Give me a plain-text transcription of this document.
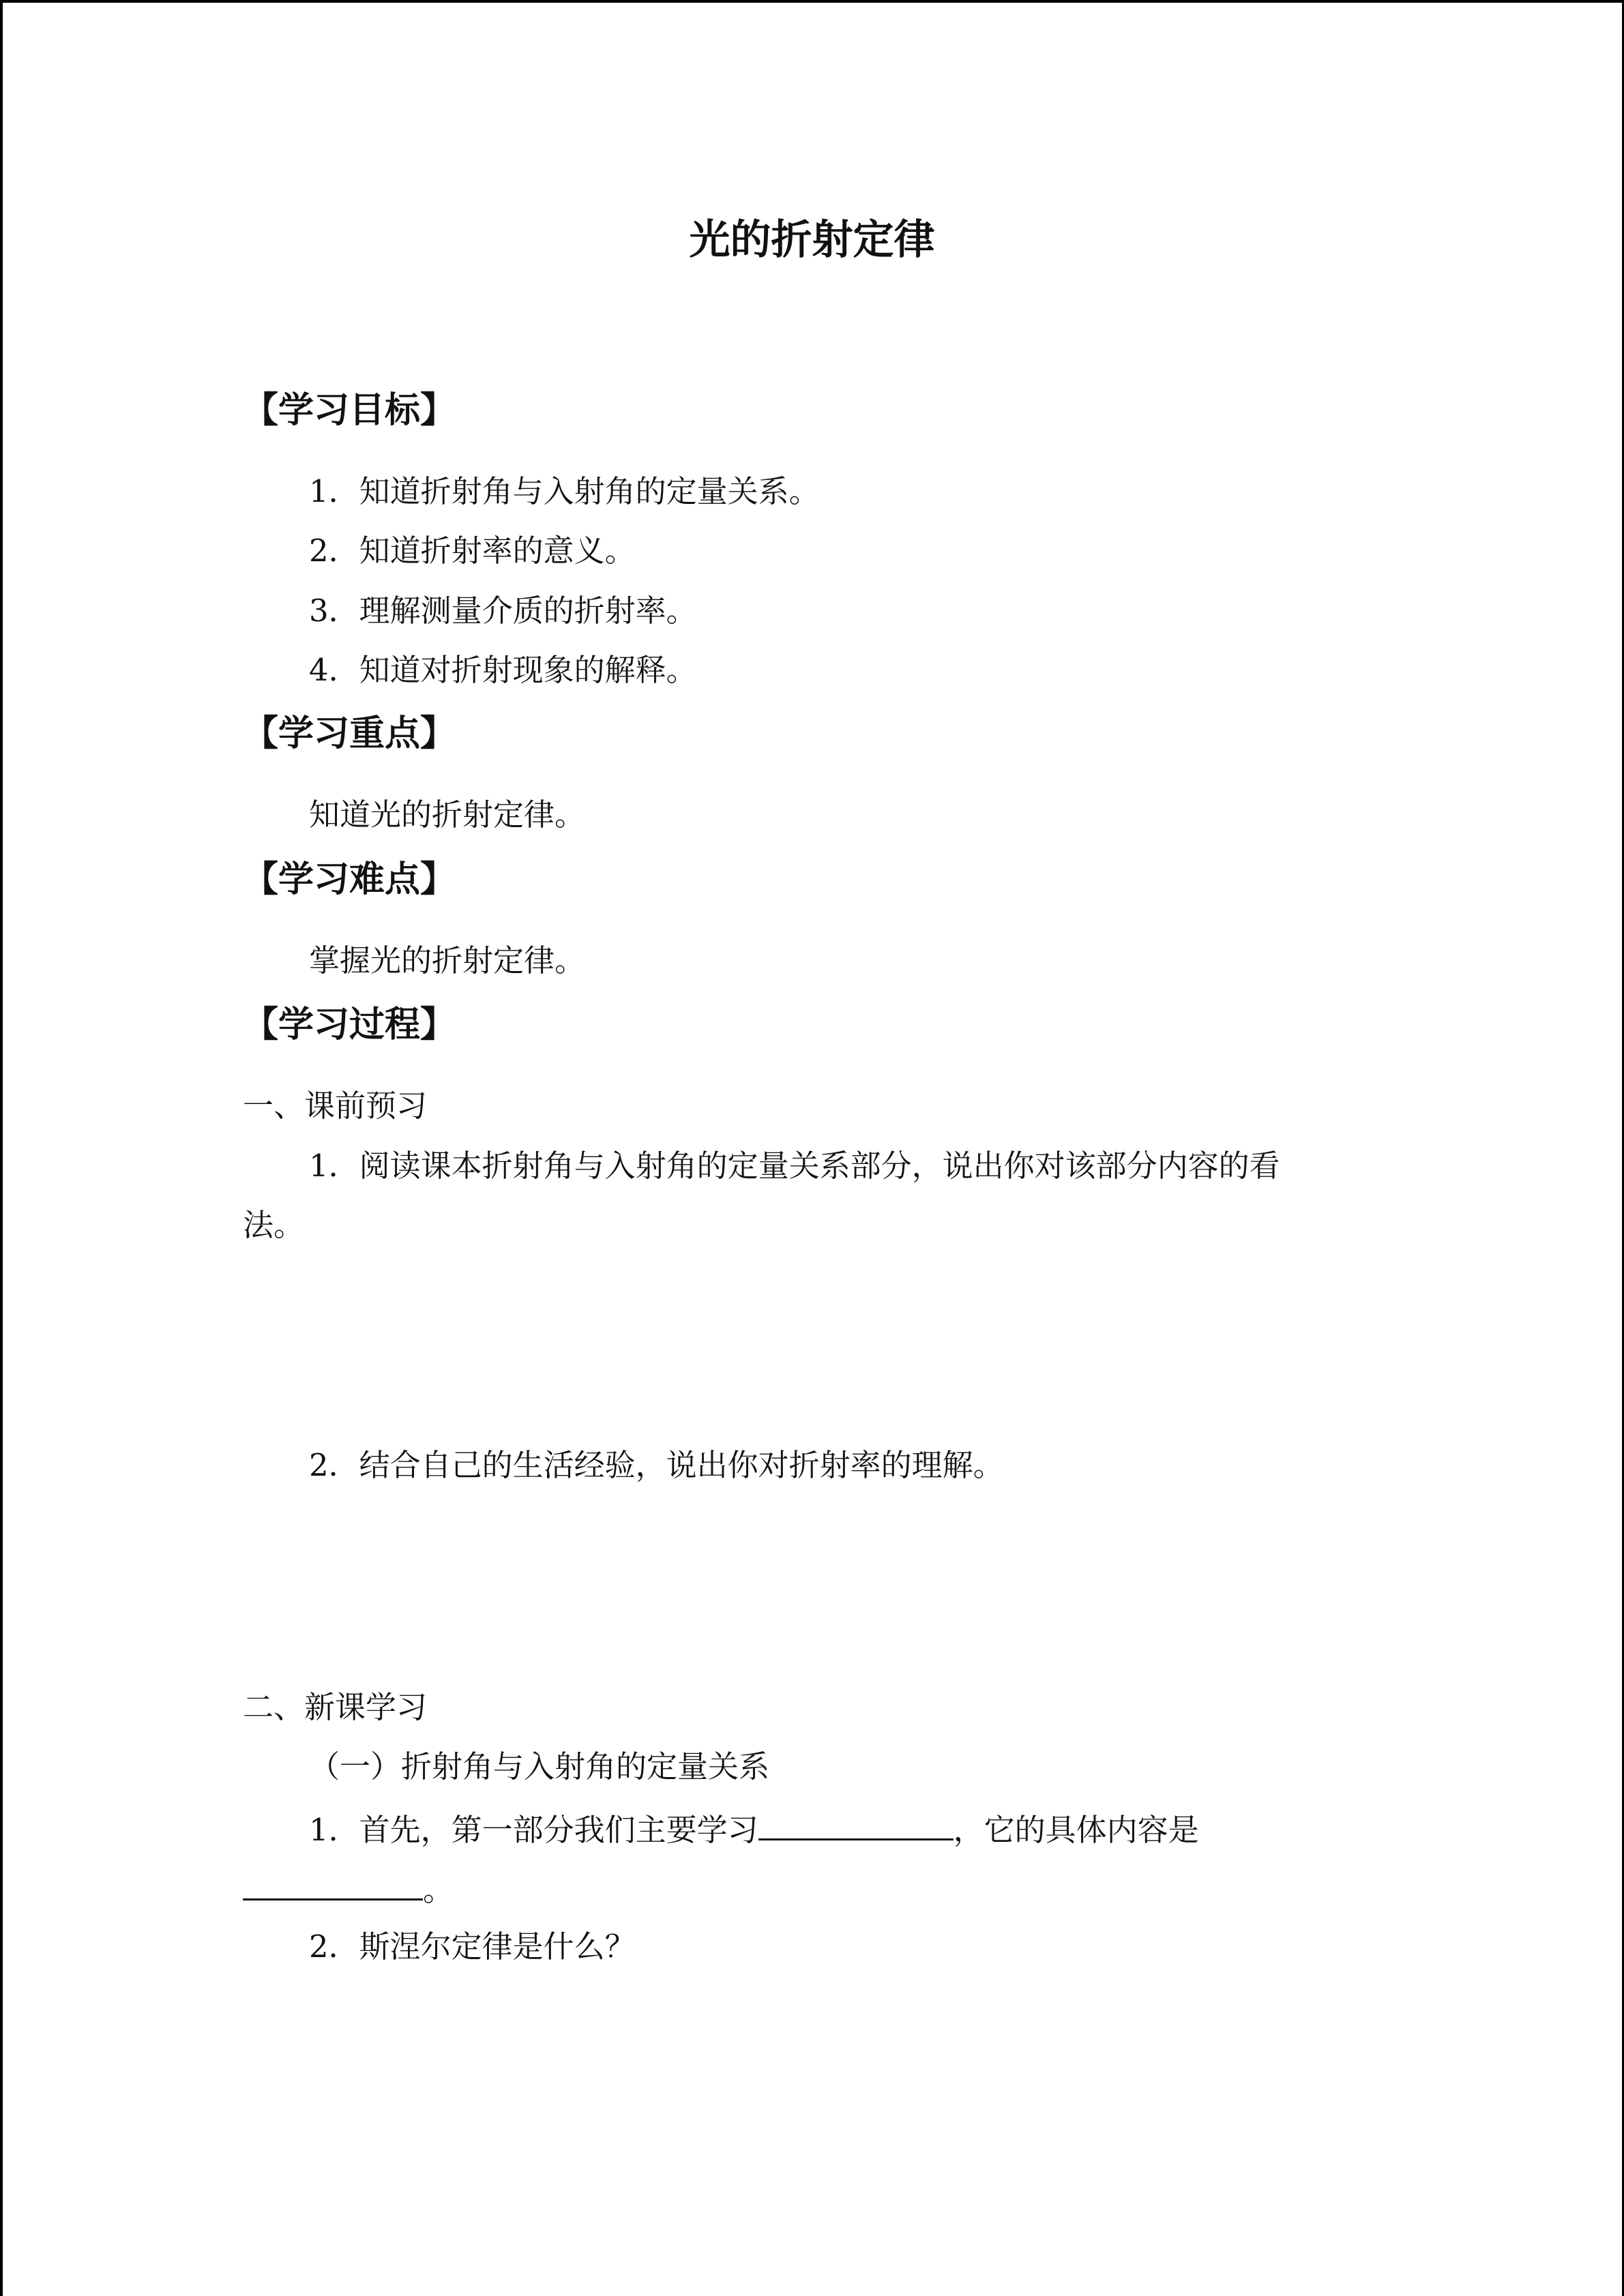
光的折射定律
【学习目标】
1．知道折射角与入射角的定量关系。
2．知道折射率的意义。
3．理解测量介质的折射率。
4．知道对折射现象的解释。
【学习重点】
知道光的折射定律。
【学习难点】
掌握光的折射定律。
【学习过程】
一、课前预习
1．阅读课本折射角与入射角的定量关系部分，说出你对该部分内容的看
法。
2．结合自己的生活经验，说出你对折射率的理解。
二、新课学习
（一）折射角与入射角的定量关系
1．首先，第一部分我们主要学习	，它的具体内容是
。
2．斯涅尔定律是什么？
